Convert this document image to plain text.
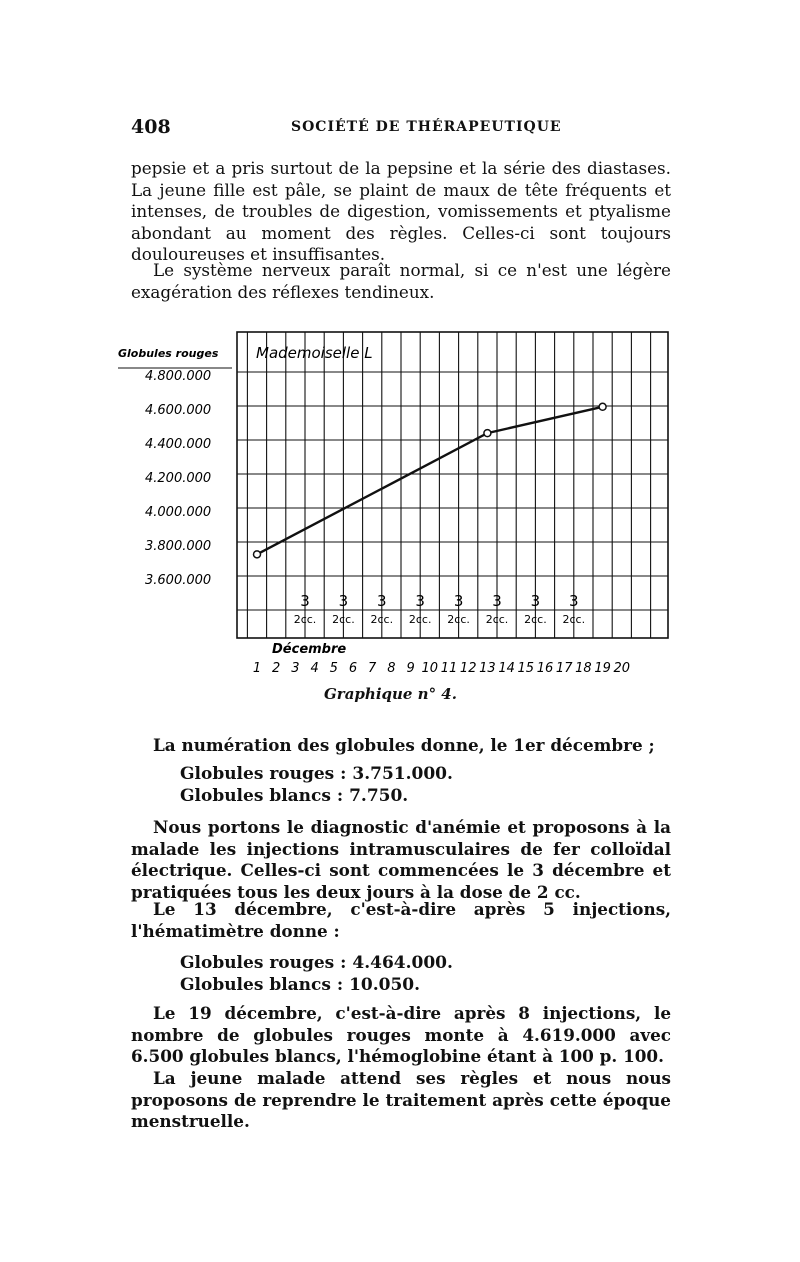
408	SOCIÉTÉ DE THÉRAPEUTIQUE

pepsie et a pris surtout de la pepsine et la série des diastases. La jeune fille est pâle, se plaint de maux de tête fréquents et intenses, de troubles de digestion, vomissements et ptyalisme abondant au moment des règles. Celles-ci sont toujours douloureuses et insuffisantes.

Le système nerveux paraît normal, si ce n'est une légère exagération des réflexes tendineux.

Globules rouges	Mademoiselle L
4.800.000
4.600.000
4.400.000
4.200.000
4.000.000
3.800.000
3.600.000
1 2 3 4 5 6 7 8 9 10 11 12 13 14 15 16 17 18 19 20
3
2cc.
3
2cc.
3
2cc.
3
2cc.
3
2cc.
3
2cc.
3
2cc.
3
2cc.
Décembre
Graphique n° 4.

La numération des globules donne, le 1er décembre ;

Globules rouges : 3.751.000.
Globules blancs : 7.750.

Nous portons le diagnostic d'anémie et proposons à la malade les injections intramusculaires de fer colloïdal électrique. Celles-ci sont commencées le 3 décembre et pratiquées tous les deux jours à la dose de 2 cc.

Le 13 décembre, c'est-à-dire après 5 injections, l'hématimètre donne :

Globules rouges : 4.464.000.
Globules blancs : 10.050.

Le 19 décembre, c'est-à-dire après 8 injections, le nombre de globules rouges monte à 4.619.000 avec 6.500 globules blancs, l'hémoglobine étant à 100 p. 100.

La jeune malade attend ses règles et nous nous proposons de reprendre le traitement après cette époque menstruelle.
